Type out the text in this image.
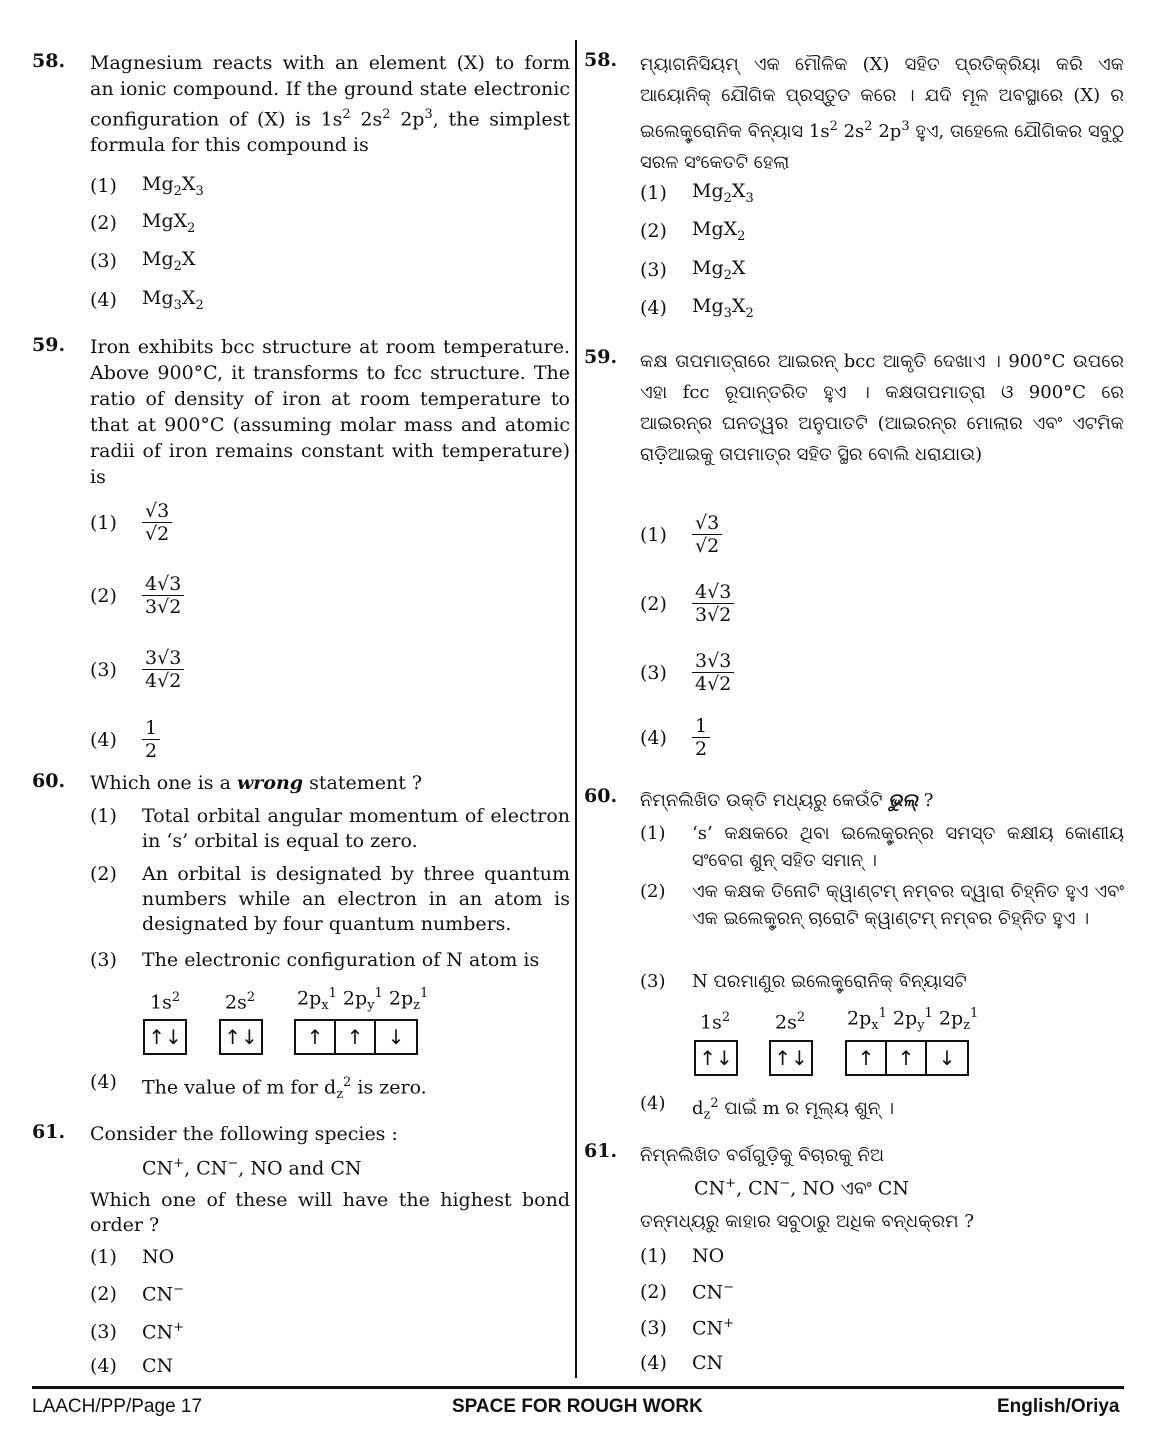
58. Magnesium reacts with an element (X) to form an ionic compound. If the ground state electronic configuration of (X) is $1s^2$ $2s^2$ $2p^3$, the simplest formula for this compound is
(1)	$Mg_2X_3$
(2)	MgX$_2$
(3)	$Mg_2X$
(4)	$Mg_3X_2$
59. Iron exhibits bcc structure at room temperature. Above 900°C, it transforms to fcc structure. The ratio of density of iron at room temperature to that at 900°C (assuming molar mass and atomic radii of iron remains constant with temperature) is
(1)	$\frac{√3}{√2}$
(2)	$\frac{4√3}{3√2}$
(3)	$\frac{3√3}{4√2}$
(4)	$\frac{1}{2}$
60. Which one is a wrong statement ?
(1)	Total orbital angular momentum of electron in ‘s’ orbital is equal to zero.
(2)	An orbital is designated by three quantum numbers while an electron in an atom is designated by four quantum numbers.
(3)	The electronic configuration of N atom is
$1s^2$ $2s^2$ $2p_x^1$ $2p_y^1$ $2p_z^1$
↑↓ ↑↓	↑	↑	↓
(4)	The value of m for $d_z^2$ is zero.
61. Consider the following species :
CN+, CN−, NO and CN
Which one of these will have the highest bond order ?
(1)	NO
(2)	CN−
(3)	CN+
(4)	CN
58. ମ୍ୟାଗନିସିୟମ୍ ଏକ ମୌଳିକ (X) ସହିତ ପ୍ରତିକ୍ରିୟା କରି ଏକ ଆୟୋନିକ୍ ଯୌଗିକ ପ୍ରସ୍ତୁତ କରେ । ଯଦି ମୂଳ ଅବସ୍ଥାରେ (X) ର ଇଲେକ୍ଟ୍ରୋନିକ ବିନ୍ୟାସ $1s^2$ $2s^2$ $2p^3$ ହୁଏ, ତାହେଲେ ଯୌଗିକର ସବୁଠୁ ସରଳ ସଂକେତଟି ହେଲା
(1)	$Mg_2X_3$
(2)	MgX$_2$
(3)	$Mg_2X$
(4)	$Mg_3X_2$
59. କକ୍ଷ ତାପମାତ୍ରାରେ ଆଇରନ୍ bcc ଆକୃତି ଦେଖାଏ । 900°C ଉପରେ ଏହା fcc ରୂପାନ୍ତରିତ ହୁଏ । କକ୍ଷତାପମାତ୍ରା ଓ 900°C ରେ ଆଇରନ୍‌ର ଘନତ୍ୱର ଅନୁପାତଟି (ଆଇରନ୍‌ର ମୋଲାର ଏବଂ ଏଟମିକ ରାଡ଼ିଆଇକୁ ତାପମାତ୍ର ସହିତ ସ୍ଥିର ବୋଲି ଧରାଯାଉ)
(1)	$\frac{√3}{√2}$
(2)	$\frac{4√3}{3√2}$
(3)	$\frac{3√3}{4√2}$
(4)	$\frac{1}{2}$
60. ନିମ୍ନଲିଖିତ ଉକ୍ତି ମଧ୍ୟରୁ କେଉଁଟି ଭୁଲ୍ ?
(1)	‘s’ କକ୍ଷକରେ ଥିବା ଇଲେକ୍ଟ୍ରନ୍‌ର ସମସ୍ତ କକ୍ଷୀୟ କୋଣୀୟ ସଂବେଗ ଶୁନ୍ ସହିତ ସମାନ୍ ।
(2)	ଏକ କକ୍ଷକ ତିନୋଟି କ୍ୱାଣ୍ଟମ୍ ନମ୍ବର ଦ୍ୱାରା ଚିହ୍ନିତ ହୁଏ ଏବଂ ଏକ ଇଲେକ୍ଟ୍ରନ୍ ଚାରୋଟି କ୍ୱାଣ୍ଟମ୍ ନମ୍ବର ଚିହ୍ନିତ ହୁଏ ।
(3)	N ପରମାଣୁର ଇଲେକ୍ଟ୍ରୋନିକ୍ ବିନ୍ୟାସଟି
$1s^2$ $2s^2$ $2p_x^1$ $2p_y^1$ $2p_z^1$
↑↓ ↑↓	↑	↑	↓
(4)	$d_z^2$ ପାଇଁ m ର ମୂଲ୍ୟ ଶୁନ୍ ।
61. ନିମ୍ନଲିଖିତ ବର୍ଗଗୁଡ଼ିକୁ ବିଚାରକୁ ନିଅ
CN+, CN−, NO ଏବଂ CN
ତନ୍ମଧ୍ୟରୁ କାହାର ସବୁଠାରୁ ଅଧିକ ବନ୍ଧକ୍ରମ ?
(1)	NO
(2)	CN−
(3)	CN+
(4)	CN
LAACH/PP/Page 17	SPACE FOR ROUGH WORK	English/Oriya
